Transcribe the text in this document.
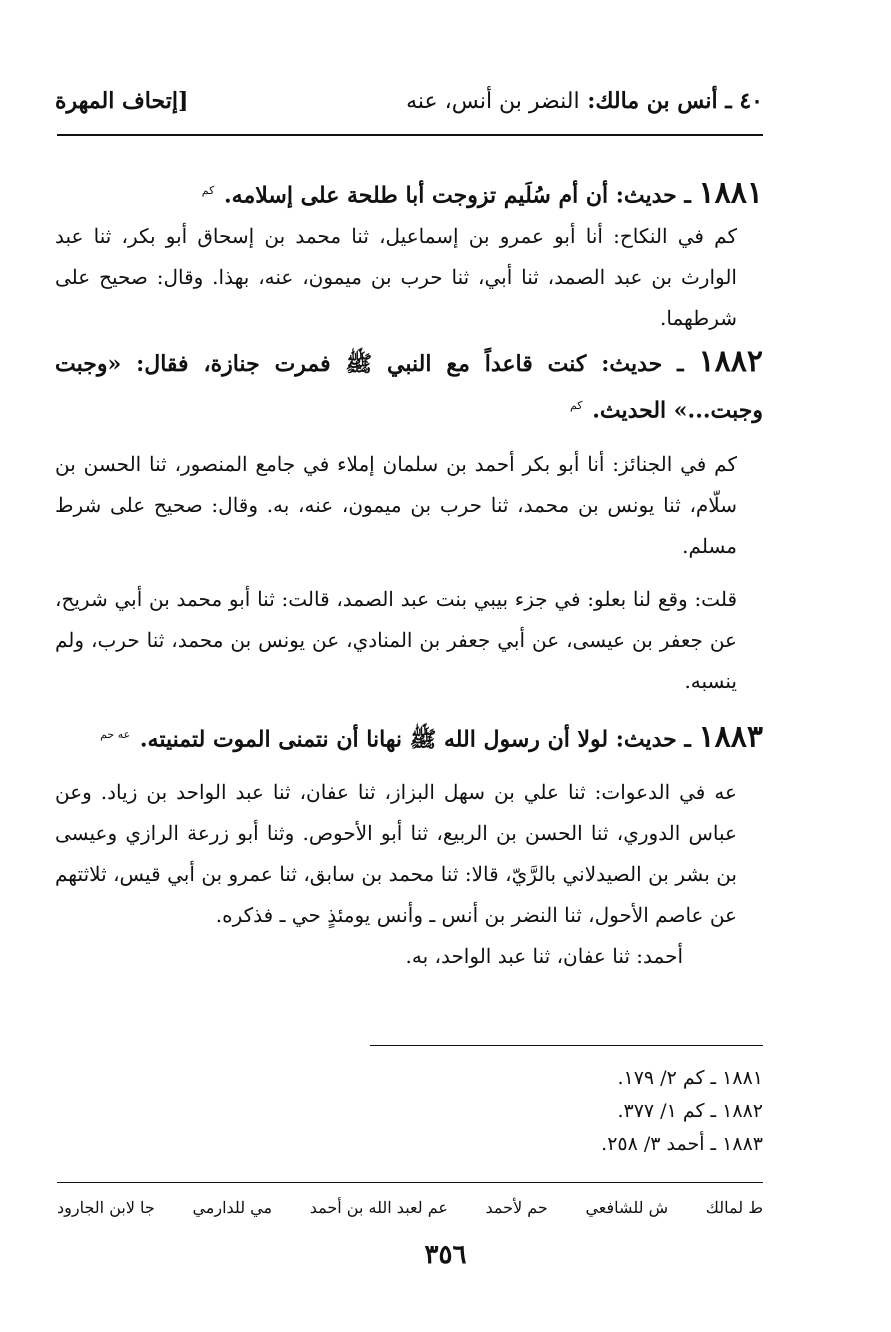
٤٠ ـ أنس بن مالك: النضر بن أنس، عنه
[إتحاف المهرة

١٨٨١ ـ حديث: أن أم سُلَيم تزوجت أبا طلحة على إسلامه. $^{كم}$

كم في النكاح: أنا أبو عمرو بن إسماعيل، ثنا محمد بن إسحاق أبو بكر، ثنا عبد الوارث بن عبد الصمد، ثنا أبي، ثنا حرب بن ميمون، عنه، بهذا. وقال: صحيح على شرطهما.

١٨٨٢ ـ حديث: كنت قاعداً مع النبي ﷺ فمرت جنازة، فقال: «وجبت وجبت...» الحديث. $^{كم}$

كم في الجنائز: أنا أبو بكر أحمد بن سلمان إملاء في جامع المنصور، ثنا الحسن بن سلّام، ثنا يونس بن محمد، ثنا حرب بن ميمون، عنه، به. وقال: صحيح على شرط مسلم.

قلت: وقع لنا بعلو: في جزء بيبي بنت عبد الصمد، قالت: ثنا أبو محمد بن أبي شريح، عن جعفر بن عيسى، عن أبي جعفر بن المنادي، عن يونس بن محمد، ثنا حرب، ولم ينسبه.

١٨٨٣ ـ حديث: لولا أن رسول الله ﷺ نهانا أن نتمنى الموت لتمنيته. $^{عه حم}$

عه في الدعوات: ثنا علي بن سهل البزاز، ثنا عفان، ثنا عبد الواحد بن زياد. وعن عباس الدوري، ثنا الحسن بن الربيع، ثنا أبو الأحوص. وثنا أبو زرعة الرازي وعيسى بن بشر بن الصيدلاني بالرَّيّ، قالا: ثنا محمد بن سابق، ثنا عمرو بن أبي قيس، ثلاثتهم عن عاصم الأحول، ثنا النضر بن أنس ـ وأنس يومئذٍ حي ـ فذكره.

أحمد: ثنا عفان، ثنا عبد الواحد، به.

١٨٨١ ـ كم ٢/ ١٧٩.
١٨٨٢ ـ كم ١/ ٣٧٧.
١٨٨٣ ـ أحمد ٣/ ٢٥٨.
ط لمالك
ش للشافعي
حم لأحمد
عم لعبد الله بن أحمد
مي للدارمي
جا لابن الجارود
٣٥٦
